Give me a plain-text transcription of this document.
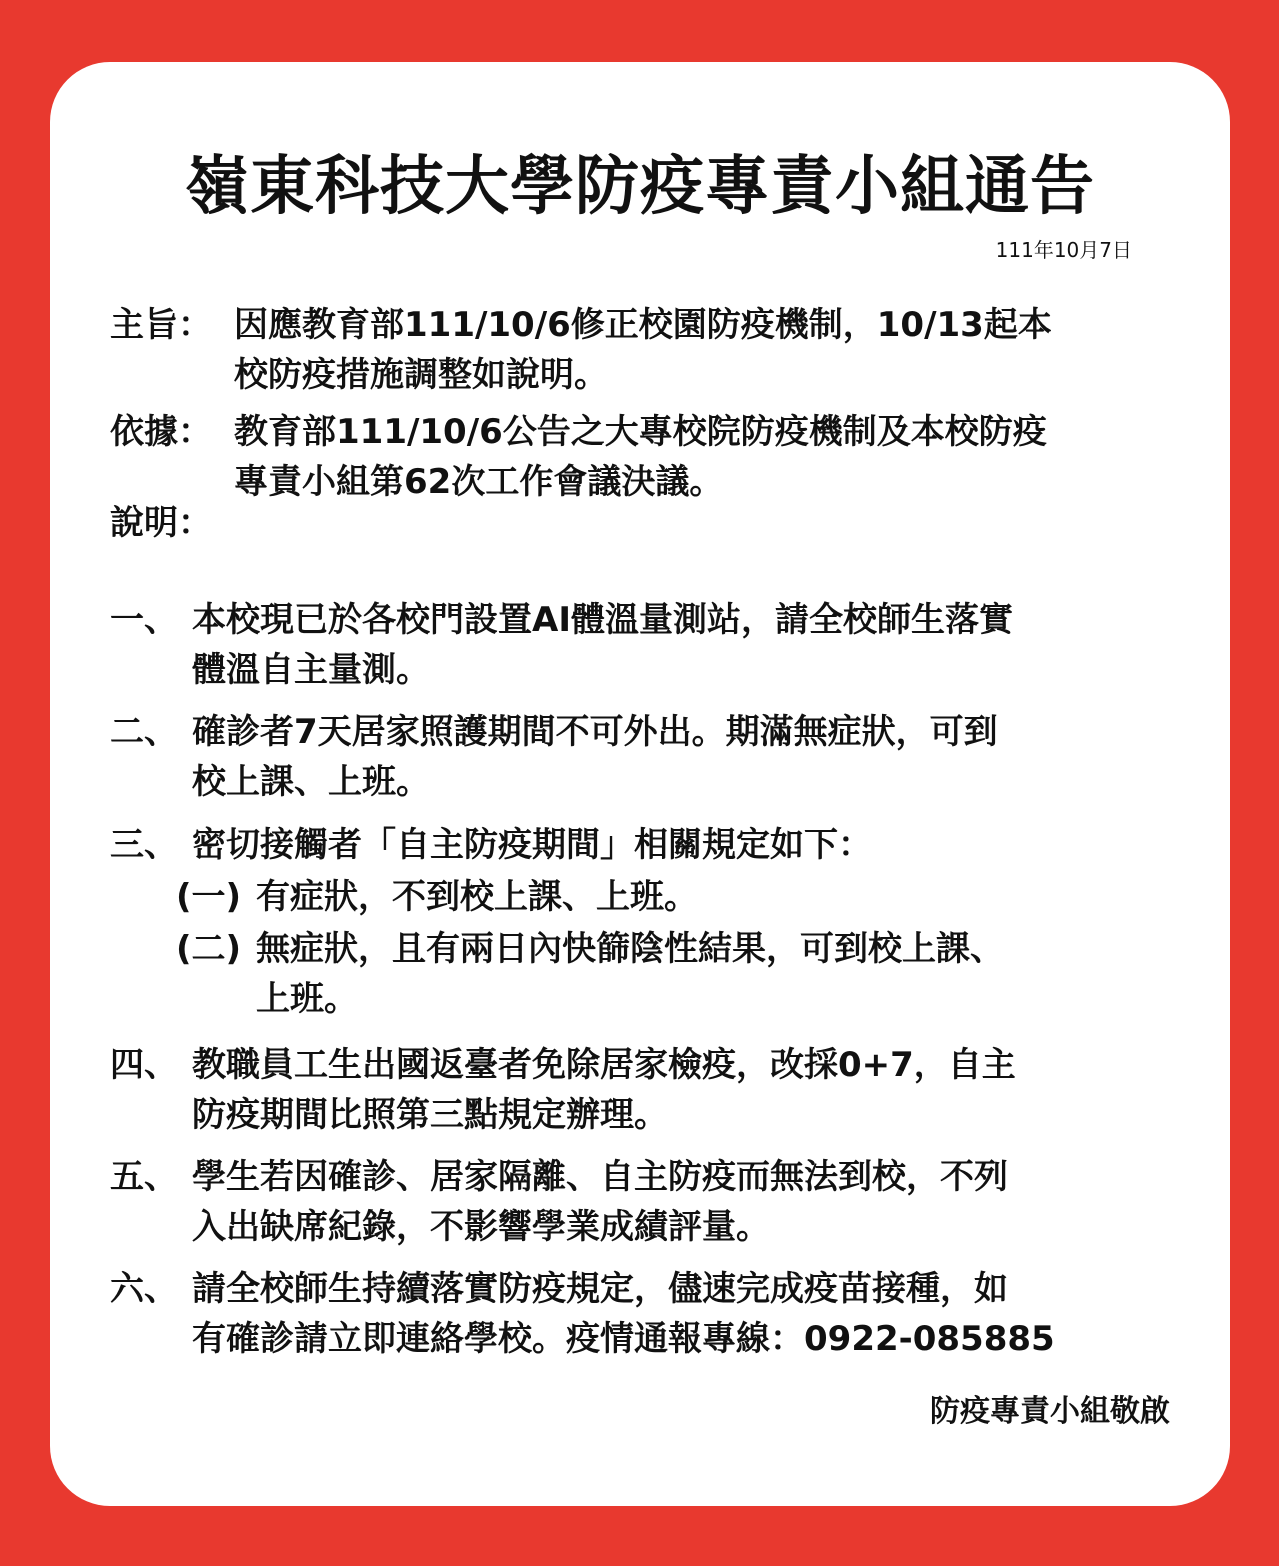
嶺東科技大學防疫專責小組通告
111年10月7日
主旨： 因應教育部111/10/6修正校園防疫機制，10/13起本
校防疫措施調整如說明。
依據： 教育部111/10/6公告之大專校院防疫機制及本校防疫
專責小組第62次工作會議決議。
說明：
一、 本校現已於各校門設置AI體溫量測站，請全校師生落實
體溫自主量測。
二、 確診者7天居家照護期間不可外出。期滿無症狀，可到
校上課、上班。
三、 密切接觸者「自主防疫期間」相關規定如下：
(一) 有症狀，不到校上課、上班。
(二) 無症狀，且有兩日內快篩陰性結果，可到校上課、
上班。
四、 教職員工生出國返臺者免除居家檢疫，改採0+7，自主
防疫期間比照第三點規定辦理。
五、 學生若因確診、居家隔離、自主防疫而無法到校，不列
入出缺席紀錄，不影響學業成績評量。
六、 請全校師生持續落實防疫規定，儘速完成疫苗接種，如
有確診請立即連絡學校。疫情通報專線：0922-085885
防疫專責小組敬啟
